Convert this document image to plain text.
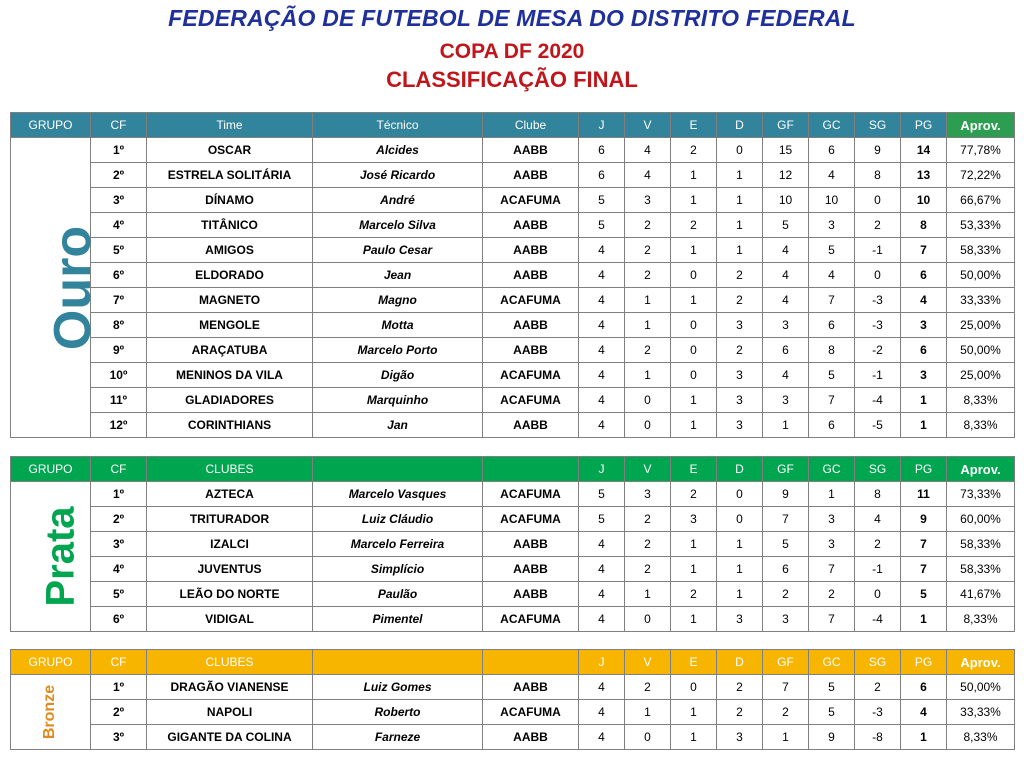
FEDERAÇÃO DE FUTEBOL DE MESA DO DISTRITO FEDERAL
COPA DF 2020
CLASSIFICAÇÃO FINAL
GRUPO	CF	Time	Técnico	Clube	J	V	E	D	GF	GC	SG	PG	Aprov.
Ouro	1º	OSCAR	Alcides	AABB	6	4	2	0	15	6	9	14	77,78%
	2º	ESTRELA SOLITÁRIA	José Ricardo	AABB	6	4	1	1	12	4	8	13	72,22%
	3º	DÍNAMO	André	ACAFUMA	5	3	1	1	10	10	0	10	66,67%
	4º	TITÂNICO	Marcelo Silva	AABB	5	2	2	1	5	3	2	8	53,33%
	5º	AMIGOS	Paulo Cesar	AABB	4	2	1	1	4	5	-1	7	58,33%
	6º	ELDORADO	Jean	AABB	4	2	0	2	4	4	0	6	50,00%
	7º	MAGNETO	Magno	ACAFUMA	4	1	1	2	4	7	-3	4	33,33%
	8º	MENGOLE	Motta	AABB	4	1	0	3	3	6	-3	3	25,00%
	9º	ARAÇATUBA	Marcelo Porto	AABB	4	2	0	2	6	8	-2	6	50,00%
	10º	MENINOS DA VILA	Digão	ACAFUMA	4	1	0	3	4	5	-1	3	25,00%
	11º	GLADIADORES	Marquinho	ACAFUMA	4	0	1	3	3	7	-4	1	8,33%
	12º	CORINTHIANS	Jan	AABB	4	0	1	3	1	6	-5	1	8,33%
GRUPO	CF	CLUBES			J	V	E	D	GF	GC	SG	PG	Aprov.
Prata	1º	AZTECA	Marcelo Vasques	ACAFUMA	5	3	2	0	9	1	8	11	73,33%
	2º	TRITURADOR	Luiz Cláudio	ACAFUMA	5	2	3	0	7	3	4	9	60,00%
	3º	IZALCI	Marcelo Ferreira	AABB	4	2	1	1	5	3	2	7	58,33%
	4º	JUVENTUS	Simplício	AABB	4	2	1	1	6	7	-1	7	58,33%
	5º	LEÃO DO NORTE	Paulão	AABB	4	1	2	1	2	2	0	5	41,67%
	6º	VIDIGAL	Pimentel	ACAFUMA	4	0	1	3	3	7	-4	1	8,33%
GRUPO	CF	CLUBES			J	V	E	D	GF	GC	SG	PG	Aprov.
Bronze	1º	DRAGÃO VIANENSE	Luiz Gomes	AABB	4	2	0	2	7	5	2	6	50,00%
	2º	NAPOLI	Roberto	ACAFUMA	4	1	1	2	2	5	-3	4	33,33%
	3º	GIGANTE DA COLINA	Farneze	AABB	4	0	1	3	1	9	-8	1	8,33%
